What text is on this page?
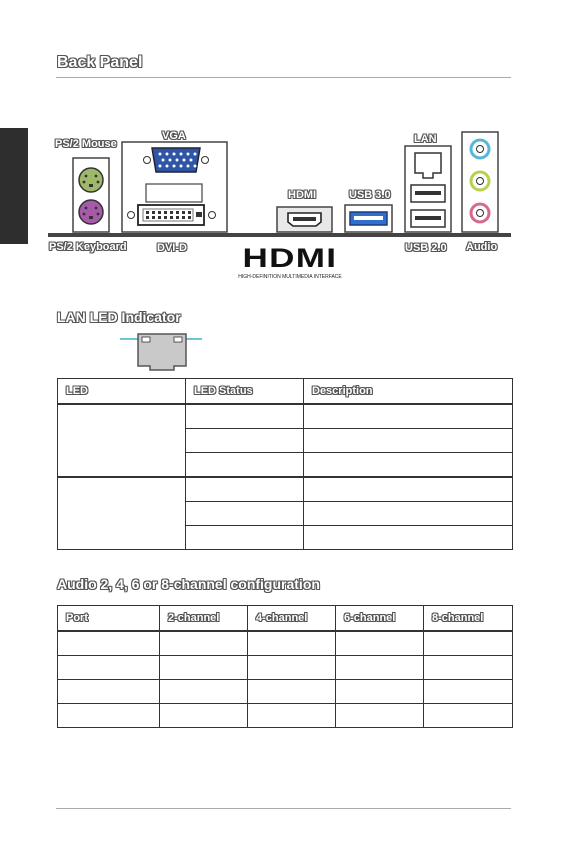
Back Panel
HDMI
HIGH-DEFINITION MULTIMEDIA INTERFACE
PS/2 Mouse
VGA	LAN
HDMI	USB 3.0
PS/2 Keyboard	DVI-D	USB 2.0 Audio
LAN LED Indicator
LED	LED Status	Description

Audio 2, 4, 6 or 8-channel configuration
Port	2-channel	4-channel	6-channel	8-channel
